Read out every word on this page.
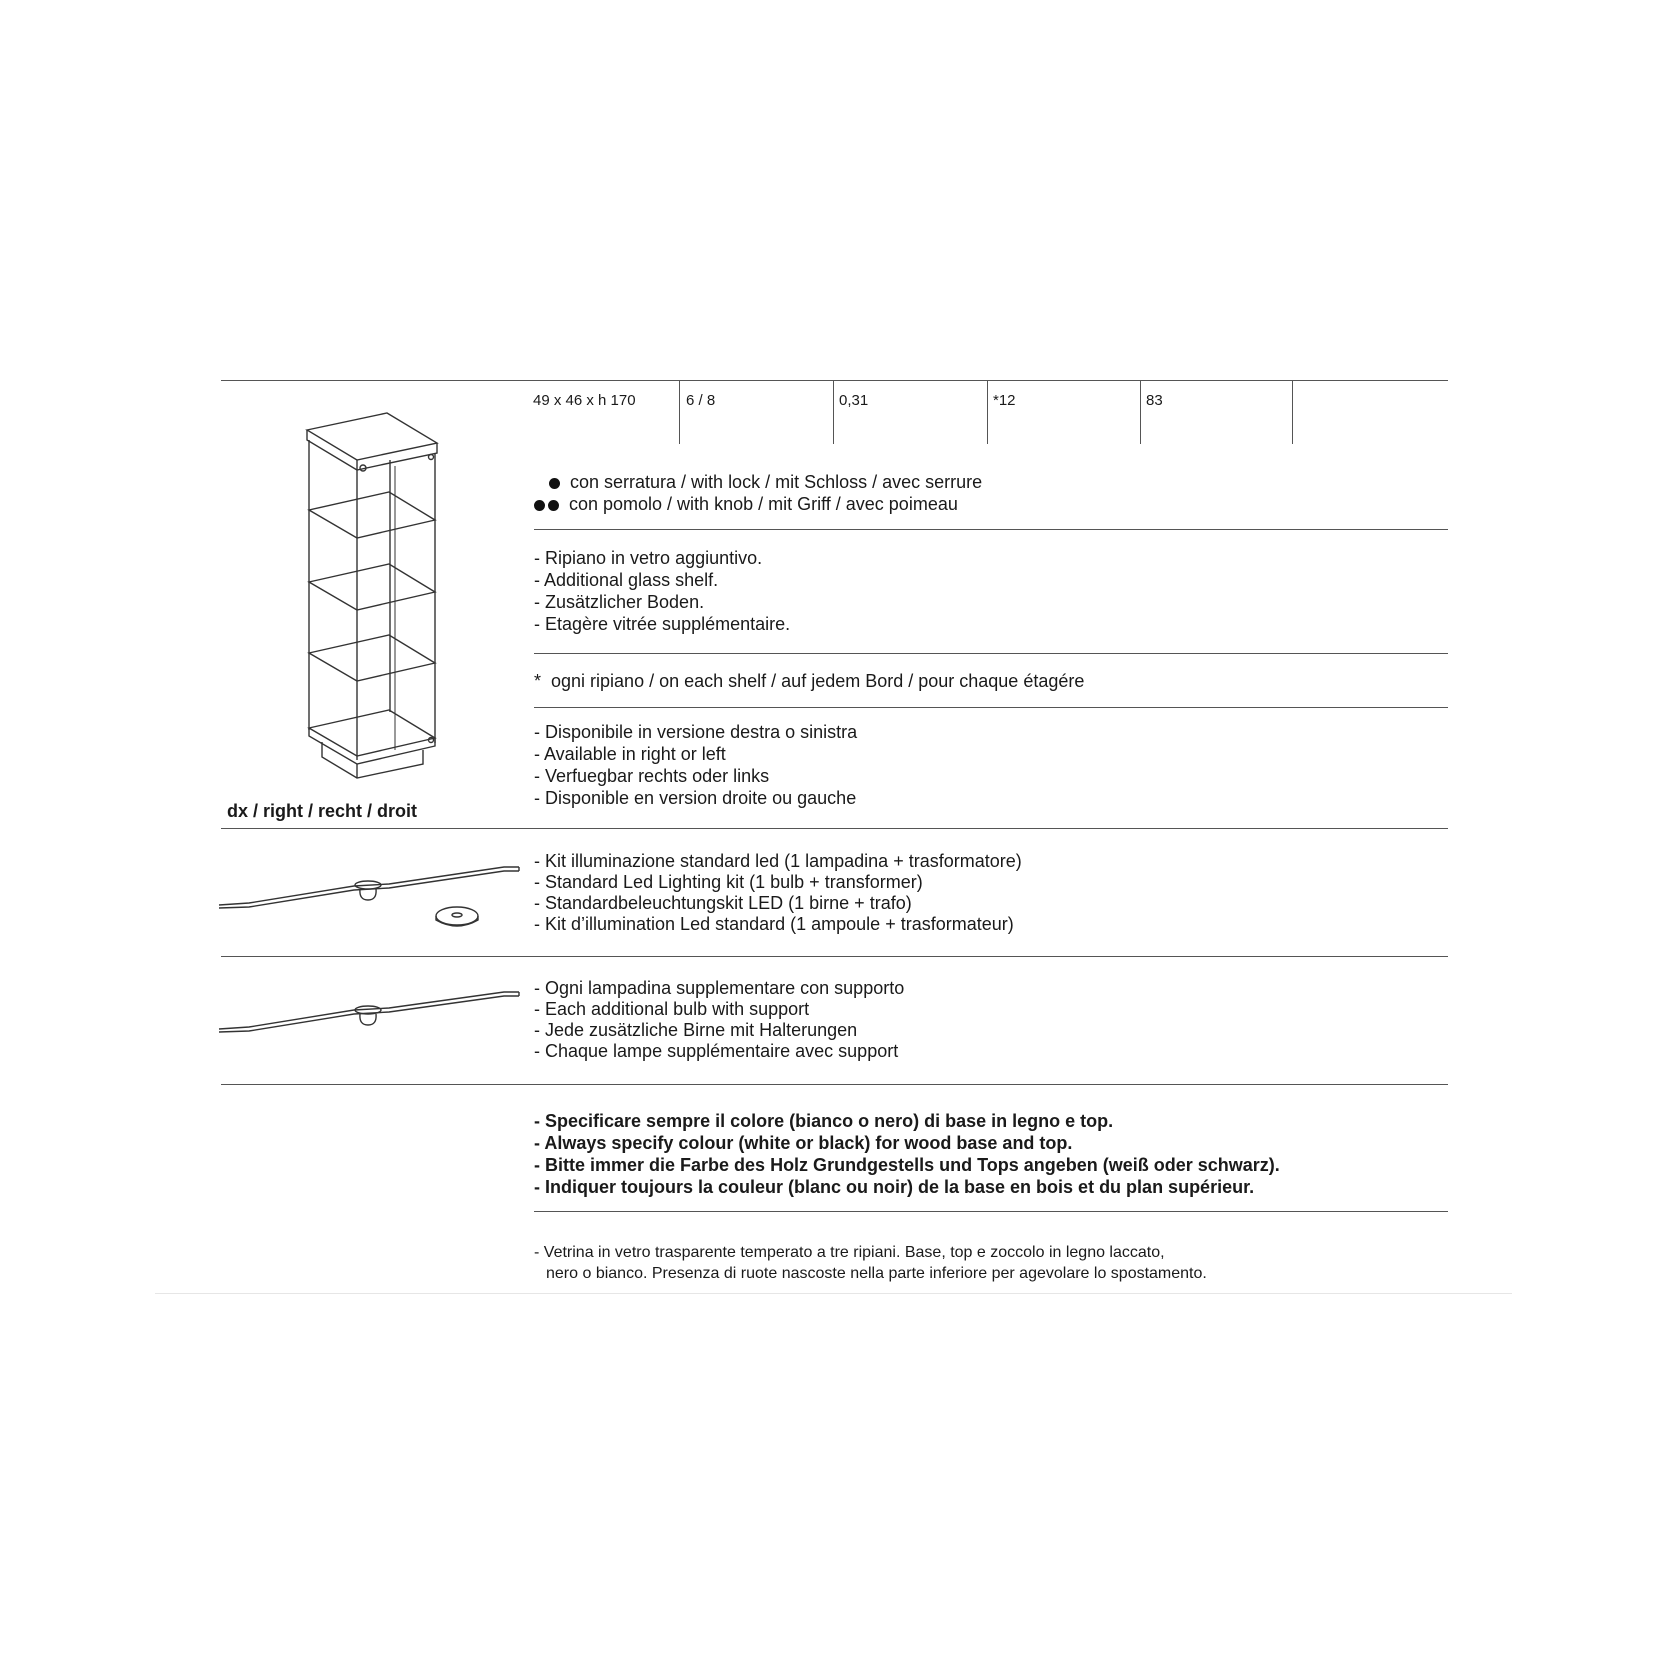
49 x 46 x h 170	6 / 8	0,31	*12	83
dx / right / recht / droit
con serratura / with lock / mit Schloss / avec serrure
con pomolo / with knob / mit Griff / avec poimeau
- Ripiano in vetro aggiuntivo.
- Additional glass shelf.
- Zusätzlicher Boden.
- Etagère vitrée supplémentaire.
* ogni ripiano / on each shelf / auf jedem Bord / pour chaque étagére
- Disponibile in versione destra o sinistra
- Available in right or left
- Verfuegbar rechts oder links
- Disponible en version droite ou gauche
- Kit illuminazione standard led (1 lampadina + trasformatore)
- Standard Led Lighting kit (1 bulb + transformer)
- Standardbeleuchtungskit LED (1 birne + trafo)
- Kit d’illumination Led standard (1 ampoule + trasformateur)
- Ogni lampadina supplementare con supporto
- Each additional bulb with support
- Jede zusätzliche Birne mit Halterungen
- Chaque lampe supplémentaire avec support
- Specificare sempre il colore (bianco o nero) di base in legno e top.
- Always specify colour (white or black) for wood base and top.
- Bitte immer die Farbe des Holz Grundgestells und Tops angeben (weiß oder schwarz).
- Indiquer toujours la couleur (blanc ou noir) de la base en bois et du plan supérieur.
- Vetrina in vetro trasparente temperato a tre ripiani. Base, top e zoccolo in legno laccato,
nero o bianco. Presenza di ruote nascoste nella parte inferiore per agevolare lo spostamento.
